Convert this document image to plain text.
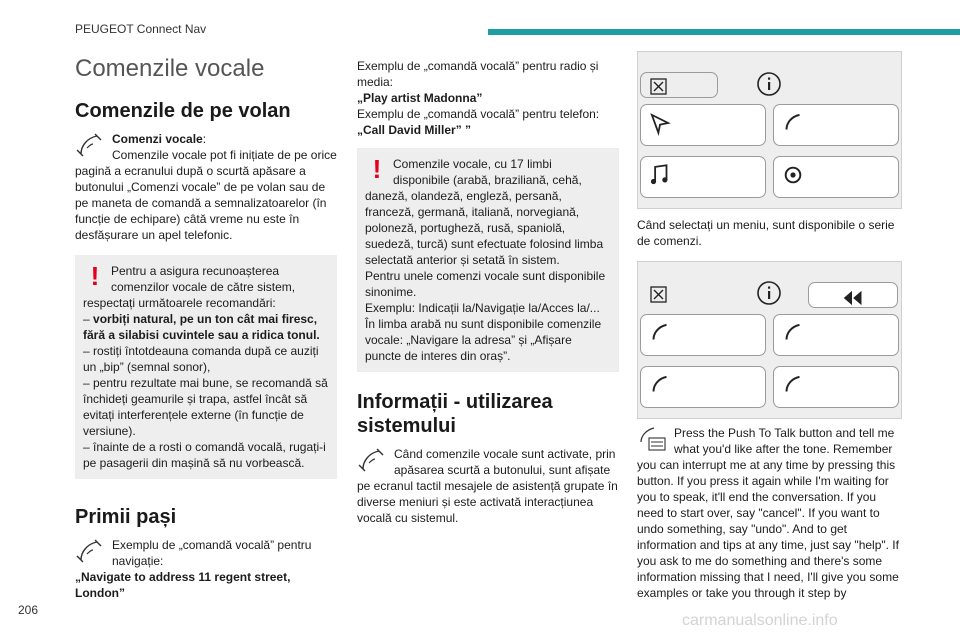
PEUGEOT Connect Nav
Comenzile vocale
Comenzile de pe volan

Comenzi vocale:
Comenzile vocale pot fi inițiate de pe orice pagină a ecranului după o scurtă apăsare a butonului „Comenzi vocale” de pe volan sau de pe maneta de comandă a semnalizatoarelor (în funcție de echipare) câtă vreme nu este în desfășurare un apel telefonic.

! Pentru a asigura recunoașterea comenzilor vocale de către sistem, respectați următoarele recomandări:

– vorbiți natural, pe un ton cât mai firesc, fără a silabisi cuvintele sau a ridica tonul.

– rostiți întotdeauna comanda după ce auziți un „bip” (semnal sonor),

– pentru rezultate mai bune, se recomandă să închideți geamurile și trapa, astfel încât să evitați interferențele externe (în funcție de versiune).

– înainte de a rosti o comandă vocală, rugați-i pe pasagerii din mașină să nu vorbească.

Primii pași

Exemplu de „comandă vocală” pentru navigație:

„Navigate to address 11 regent street, London”

Exemplu de „comandă vocală” pentru radio și media:

„Play artist Madonna”

Exemplu de „comandă vocală” pentru telefon:

„Call David Miller” ”

! Comenzile vocale, cu 17 limbi disponibile (arabă, braziliană, cehă, daneză, olandeză, engleză, persană, franceză, germană, italiană, norvegiană, poloneză, portugheză, rusă, spaniolă, suedeză, turcă) sunt efectuate folosind limba selectată anterior și setată în sistem.

Pentru unele comenzi vocale sunt disponibile sinonime.

Exemplu: Indicații la/Navigație la/Acces la/...

În limba arabă nu sunt disponibile comenzile vocale: „Navigare la adresa” și „Afișare puncte de interes din oraș”.

Informații - utilizarea sistemului

Când comenzile vocale sunt activate, prin apăsarea scurtă a butonului, sunt afișate pe ecranul tactil mesajele de asistență grupate în diverse meniuri și este activată interacțiunea vocală cu sistemul.

Când selectați un meniu, sunt disponibile o serie de comenzi.

Press the Push To Talk button and tell me what you'd like after the tone. Remember you can interrupt me at any time by pressing this button. If you press it again while I'm waiting for you to speak, it'll end the conversation. If you need to start over, say "cancel". If you want to undo something, say "undo". And to get information and tips at any time, just say "help". If you ask to me do something and there's some information missing that I need, I'll give you some examples or take you through it step by

206
carmanualsonline.info
